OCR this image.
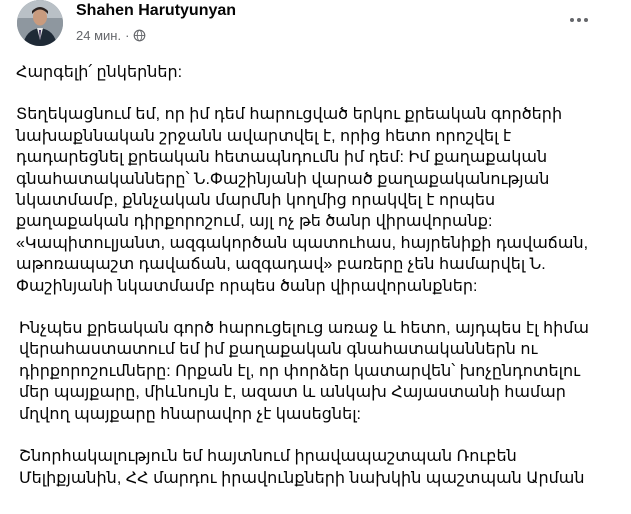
Shahen Harutyunyan
24 мин. ·

Հարգելի՛ ընկերներ:

Տեղեկացնում եմ, որ իմ դեմ հարուցված երկու քրեական գործերի նախաքննական շրջանն ավարտվել է, որից հետո որոշվել է դադարեցնել քրեական հետապնդումն իմ դեմ: Իմ քաղաքական գնահատականները՝ Ն.Փաշինյանի վարած քաղաքականության նկատմամբ, քննչական մարմնի կողմից որակվել է որպես քաղաքական դիրքորոշում, այլ ոչ թե ծանր վիրավորանք: «Կապիտուլյանտ, ազգակործան պատուհաս, հայրենիքի դավաճան, աթոռապաշտ դավաճան, ազգադավ» բառերը չեն համարվել Ն. Փաշինյանի նկատմամբ որպես ծանր վիրավորանքներ:

Ինչպես քրեական գործ հարուցելուց առաջ և հետո, այդպես էլ հիմա վերահաստատում եմ իմ քաղաքական գնահատականներն ու դիրքորոշումները: Որքան էլ, որ փորձեր կատարվեն՝ խոչընդոտելու մեր պայքարը, միևնույն է, ազատ և անկախ Հայաստանի համար մղվող պայքարը հնարավոր չէ կասեցնել:

Շնորհակալություն եմ հայտնում իրավապաշտպան Ռուբեն Մելիքյանին, ՀՀ մարդու իրավունքների նախկին պաշտպան Արման
